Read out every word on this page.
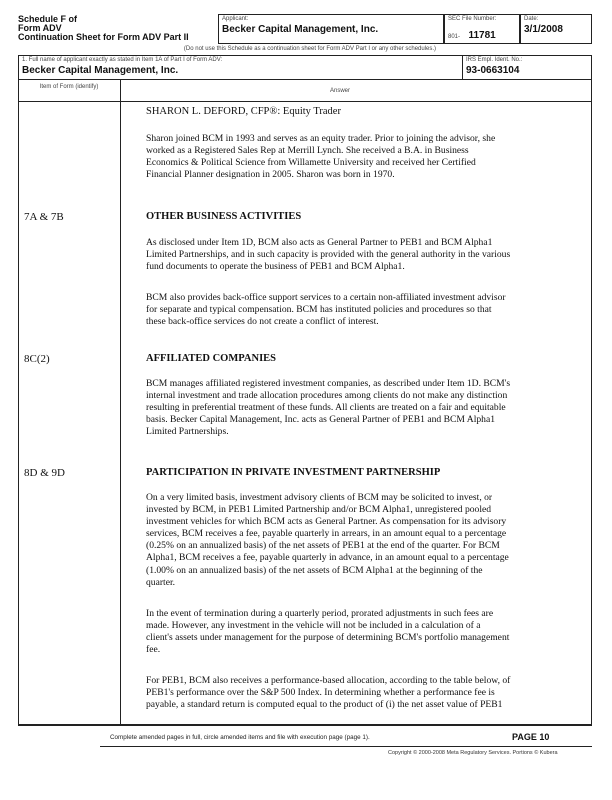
Schedule F of
Form ADV
Continuation Sheet for Form ADV Part II
Applicant:
Becker Capital Management, Inc.
SEC File Number:
801- 11781
Date:
3/1/2008
(Do not use this Schedule as a continuation sheet for Form ADV Part I or any other schedules.)
1. Full name of applicant exactly as stated in Item 1A of Part I of Form ADV:
Becker Capital Management, Inc.
IRS Empl. Ident. No.:
93-0663104
Item of Form (identify)
Answer
SHARON L. DEFORD, CFP®: Equity Trader
Sharon joined BCM in 1993 and serves as an equity trader. Prior to joining the advisor, she
worked as a Registered Sales Rep at Merrill Lynch. She received a B.A. in Business
Economics & Political Science from Willamette University and received her Certified
Financial Planner designation in 2005. Sharon was born in 1970.
7A & 7B	OTHER BUSINESS ACTIVITIES
As disclosed under Item 1D, BCM also acts as General Partner to PEB1 and BCM Alpha1
Limited Partnerships, and in such capacity is provided with the general authority in the various
fund documents to operate the business of PEB1 and BCM Alpha1.
BCM also provides back-office support services to a certain non-affiliated investment advisor
for separate and typical compensation. BCM has instituted policies and procedures so that
these back-office services do not create a conflict of interest.
8C(2)	AFFILIATED COMPANIES
BCM manages affiliated registered investment companies, as described under Item 1D. BCM's
internal investment and trade allocation procedures among clients do not make any distinction
resulting in preferential treatment of these funds. All clients are treated on a fair and equitable
basis. Becker Capital Management, Inc. acts as General Partner of PEB1 and BCM Alpha1
Limited Partnerships.
8D & 9D	PARTICIPATION IN PRIVATE INVESTMENT PARTNERSHIP
On a very limited basis, investment advisory clients of BCM may be solicited to invest, or
invested by BCM, in PEB1 Limited Partnership and/or BCM Alpha1, unregistered pooled
investment vehicles for which BCM acts as General Partner. As compensation for its advisory
services, BCM receives a fee, payable quarterly in arrears, in an amount equal to a percentage
(0.25% on an annualized basis) of the net assets of PEB1 at the end of the quarter. For BCM
Alpha1, BCM receives a fee, payable quarterly in advance, in an amount equal to a percentage
(1.00% on an annualized basis) of the net assets of BCM Alpha1 at the beginning of the
quarter.
In the event of termination during a quarterly period, prorated adjustments in such fees are
made. However, any investment in the vehicle will not be included in a calculation of a
client's assets under management for the purpose of determining BCM's portfolio management
fee.
For PEB1, BCM also receives a performance-based allocation, according to the table below, of
PEB1's performance over the S&P 500 Index. In determining whether a performance fee is
payable, a standard return is computed equal to the product of (i) the net asset value of PEB1
Complete amended pages in full, circle amended items and file with execution page (page 1).	PAGE 10
Copyright © 2000-2008 Meta Regulatory Services. Portions © Kubera
